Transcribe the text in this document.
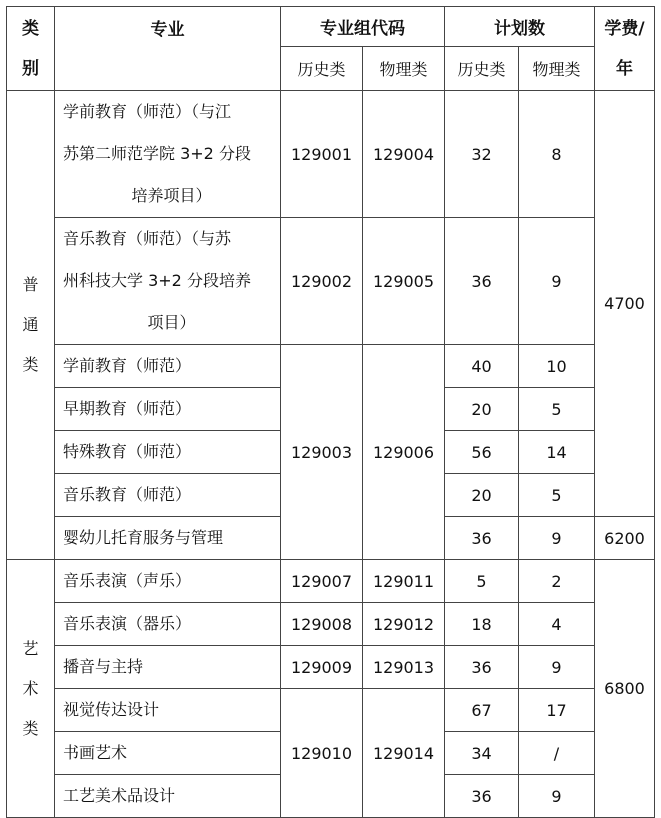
类
别	专业	专业组代码		计划数		学费/
年

		历史类	物理类	历史类	物理类	

普
通
类	学前教育（师范）（与江
苏第二师范学院 3+2 分段
培养项目）	129001	129004	32	8	4700

	音乐教育（师范）（与苏
州科技大学 3+2 分段培养
项目）	129002	129005	36	9	
	学前教育（师范）	129003	129006	40	10	
	早期教育（师范）			20	5	
	特殊教育（师范）			56	14	
	音乐教育（师范）			20	5	
	婴幼儿托育服务与管理			36	9	6200

艺
术
类	音乐表演（声乐）	129007	129011	5	2	6800
	音乐表演（器乐）	129008	129012	18	4	
	播音与主持	129009	129013	36	9	
	视觉传达设计	129010	129014	67	17	
	书画艺术			34	/	
	工艺美术品设计			36	9	
